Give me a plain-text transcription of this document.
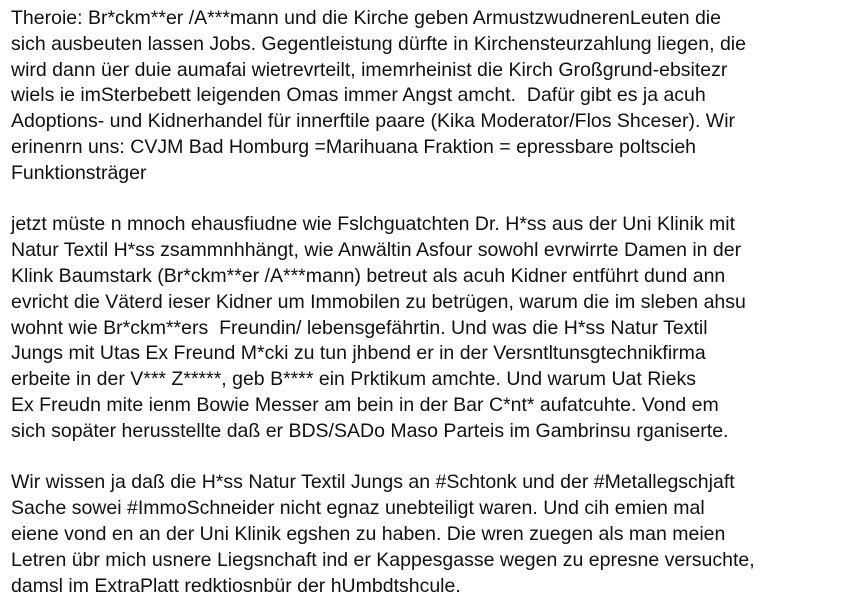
Theroie: Br*ckm**er /A***mann und die Kirche geben ArmustzwudnerenLeuten die
sich ausbeuten lassen Jobs. Gegentleistung dürfte in Kirchensteurzahlung liegen, die
wird dann üer duie aumafai wietrevrteilt, imemrheinist die Kirch Großgrund-ebsitezr
wiels ie imSterbebett leigenden Omas immer Angst amcht.  Dafür gibt es ja acuh
Adoptions- und Kidnerhandel für innerftile paare (Kika Moderator/Flos Shceser). Wir
erinenrn uns: CVJM Bad Homburg =Marihuana Fraktion = epressbare poltscieh
Funktionsträger
jetzt müste n mnoch ehausfiudne wie Fslchguatchten Dr. H*ss aus der Uni Klinik mit
Natur Textil H*ss zsammnhhängt, wie Anwältin Asfour sowohl evrwirrte Damen in der
Klink Baumstark (Br*ckm**er /A***mann) betreut als acuh Kidner entführt dund ann
evricht die Väterd ieser Kidner um Immobilen zu betrügen, warum die im sleben ahsu
wohnt wie Br*ckm**ers  Freundin/ lebensgefährtin. Und was die H*ss Natur Textil
Jungs mit Utas Ex Freund M*cki zu tun jhbend er in der Versntltunsgtechnikfirma
erbeite in der V*** Z*****, geb B**** ein Prktikum amchte. Und warum Uat Rieks
Ex Freudn mite ienm Bowie Messer am bein in der Bar C*nt* aufatcuhte. Vond em
sich sopäter herusstellte daß er BDS/SADo Maso Parteis im Gambrinsu rganiserte.
Wir wissen ja daß die H*ss Natur Textil Jungs an #Schtonk und der #Metallegschjaft
Sache sowei #ImmoSchneider nicht egnaz unebteiligt waren. Und cih emien mal
eiene vond en an der Uni Klinik egshen zu haben. Die wren zuegen als man meien
Letren übr mich usnere Liegsnchaft ind er Kappesgasse wegen zu epresne versuchte,
damsl im ExtraPlatt redktiosnbür der hUmbdtshcule.
